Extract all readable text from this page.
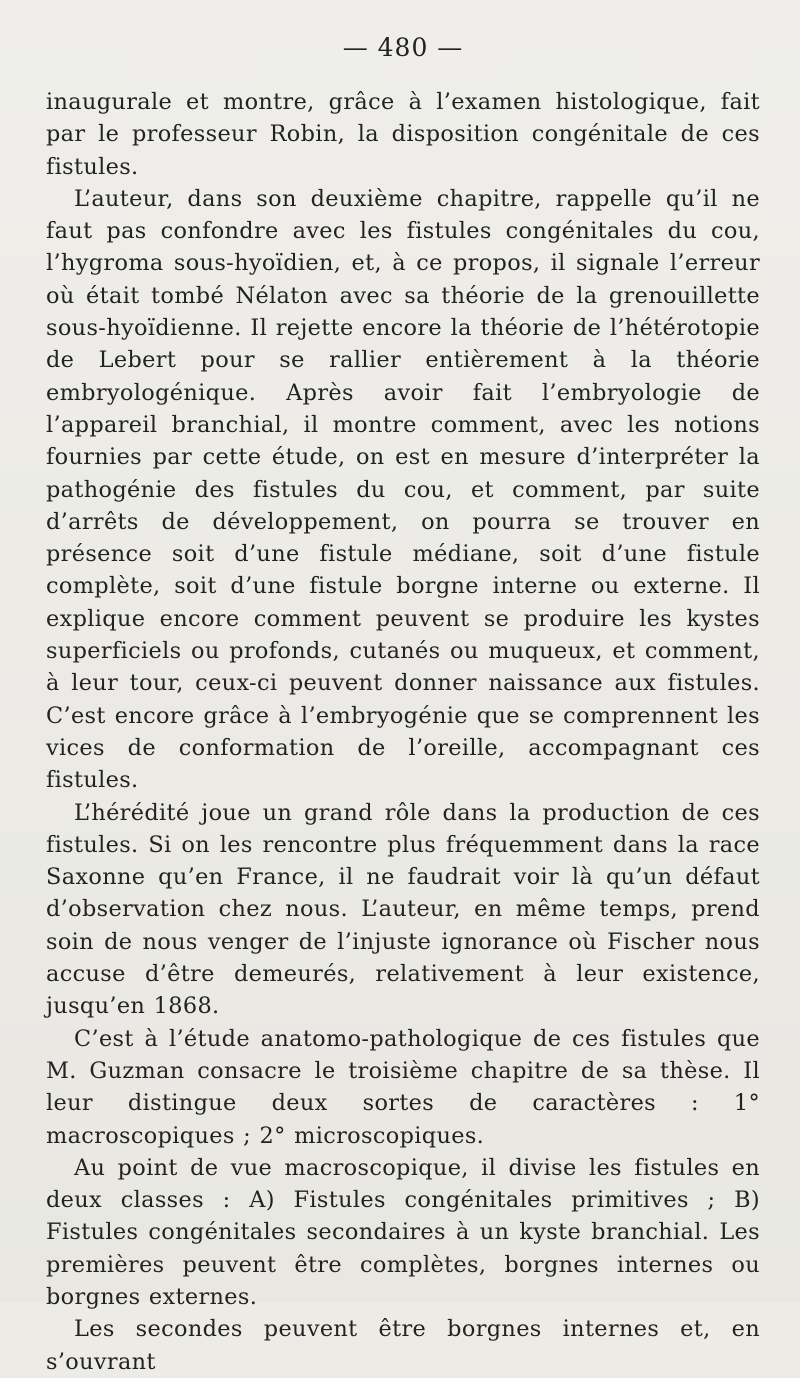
— 480 —

inaugurale et montre, grâce à l’examen histologique, fait par le professeur Robin, la disposition congénitale de ces fistules.

L’auteur, dans son deuxième chapitre, rappelle qu’il ne faut pas confondre avec les fistules congénitales du cou, l’hygroma sous-hyoïdien, et, à ce propos, il signale l’erreur où était tombé Nélaton avec sa théorie de la grenouillette sous-hyoïdienne. Il rejette encore la théorie de l’hétérotopie de Lebert pour se rallier entièrement à la théorie embryologénique. Après avoir fait l’embryologie de l’appareil branchial, il montre comment, avec les notions fournies par cette étude, on est en mesure d’interpréter la pathogénie des fistules du cou, et comment, par suite d’arrêts de développement, on pourra se trouver en présence soit d’une fistule médiane, soit d’une fistule complète, soit d’une fistule borgne interne ou externe. Il explique encore comment peuvent se produire les kystes superficiels ou profonds, cutanés ou muqueux, et comment, à leur tour, ceux-ci peuvent donner naissance aux fistules. C’est encore grâce à l’embryogénie que se comprennent les vices de conformation de l’oreille, accompagnant ces fistules.

L’hérédité joue un grand rôle dans la production de ces fistules. Si on les rencontre plus fréquemment dans la race Saxonne qu’en France, il ne faudrait voir là qu’un défaut d’observation chez nous. L’auteur, en même temps, prend soin de nous venger de l’injuste ignorance où Fischer nous accuse d’être demeurés, relativement à leur existence, jusqu’en 1868.

C’est à l’étude anatomo-pathologique de ces fistules que M. Guzman consacre le troisième chapitre de sa thèse. Il leur distingue deux sortes de caractères : 1° macroscopiques ; 2° microscopiques.

Au point de vue macroscopique, il divise les fistules en deux classes : A) Fistules congénitales primitives ; B) Fistules congénitales secondaires à un kyste branchial. Les premières peuvent être complètes, borgnes internes ou borgnes externes.

Les secondes peuvent être borgnes internes et, en s’ouvrant
